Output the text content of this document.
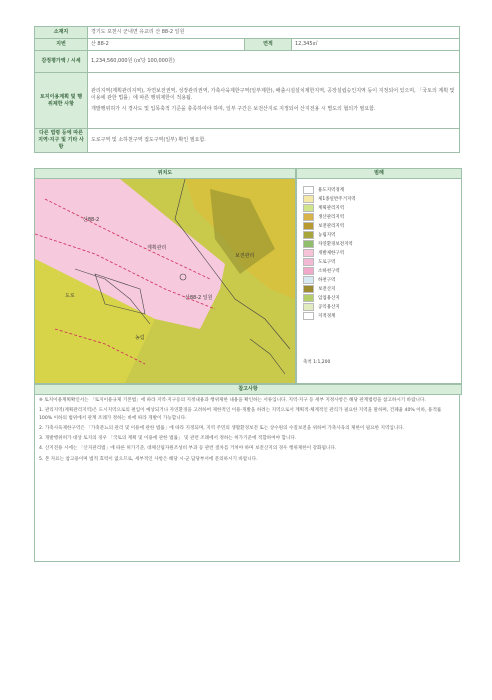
소재지	경기도 포천시 군내면 유교리 산 88-2 일원		
지번	산 88-2	면적	12,345㎡
감정평가액 / 시세	1,234,560,000원 (㎡당 100,000원)		
토지이용계획 및 행위제한 사항	관리지역(계획관리지역), 자연보전권역, 성장관리권역, 가축사육제한구역(일부제한), 배출시설설치제한지역, 공장설립승인지역 등이 지정되어 있으며, 「국토의 계획 및 이용에 관한 법률」에 따른 행위제한이 적용됨.
개발행위허가 시 경사도 및 입목축적 기준을 충족하여야 하며, 일부 구간은 보전산지로 지정되어 산지전용 시 별도의 협의가 필요함.		

다른 법령 등에 따른 지역·지구 및 기타 사항	도로구역 및 소하천구역 접도구역(일부) 확인 필요함.		
위치도	범례
산88-2
계획관리
보전관리
농림
도로	산88-2 일원
용도지역경계
제1종일반주거지역
계획관리지역
생산관리지역
보전관리지역
농림지역
자연환경보전지역
개발제한구역
도로구역
소하천구역
하천구역
보전산지
임업용산지
공익용산지
지적경계
축척 1:1,200
참고사항

※ 토지이용계획확인서는 「토지이용규제 기본법」에 따라 지역·지구등의 지정내용과 행위제한 내용을 확인하는 서류입니다. 지역·지구 등 세부 지정사항은 해당 관계법령을 참고하시기 바랍니다.

1. 관리지역(계획관리지역)은 도시지역으로의 편입이 예상되거나 자연환경을 고려하여 제한적인 이용·개발을 하려는 지역으로서 계획적·체계적인 관리가 필요한 지역을 말하며, 건폐율 40% 이하, 용적률 100% 이하의 범위에서 관계 조례가 정하는 바에 따라 개발이 가능합니다.

2. 가축사육제한구역은 「가축분뇨의 관리 및 이용에 관한 법률」에 따라 지정되며, 지역 주민의 생활환경보전 또는 상수원의 수질보전을 위하여 가축사육의 제한이 필요한 지역입니다.

3. 개발행위허가 대상 토지의 경우 「국토의 계획 및 이용에 관한 법률」 및 관련 조례에서 정하는 허가기준에 적합하여야 합니다.

4. 산지전용 시에는 「산지관리법」에 따른 허가기준, 대체산림자원조성비 부과 등 관련 절차를 거쳐야 하며 보전산지의 경우 행위제한이 강화됩니다.

5. 본 자료는 참고용이며 법적 효력이 없으므로, 세부적인 사항은 해당 시·군 담당부서에 문의하시기 바랍니다.
